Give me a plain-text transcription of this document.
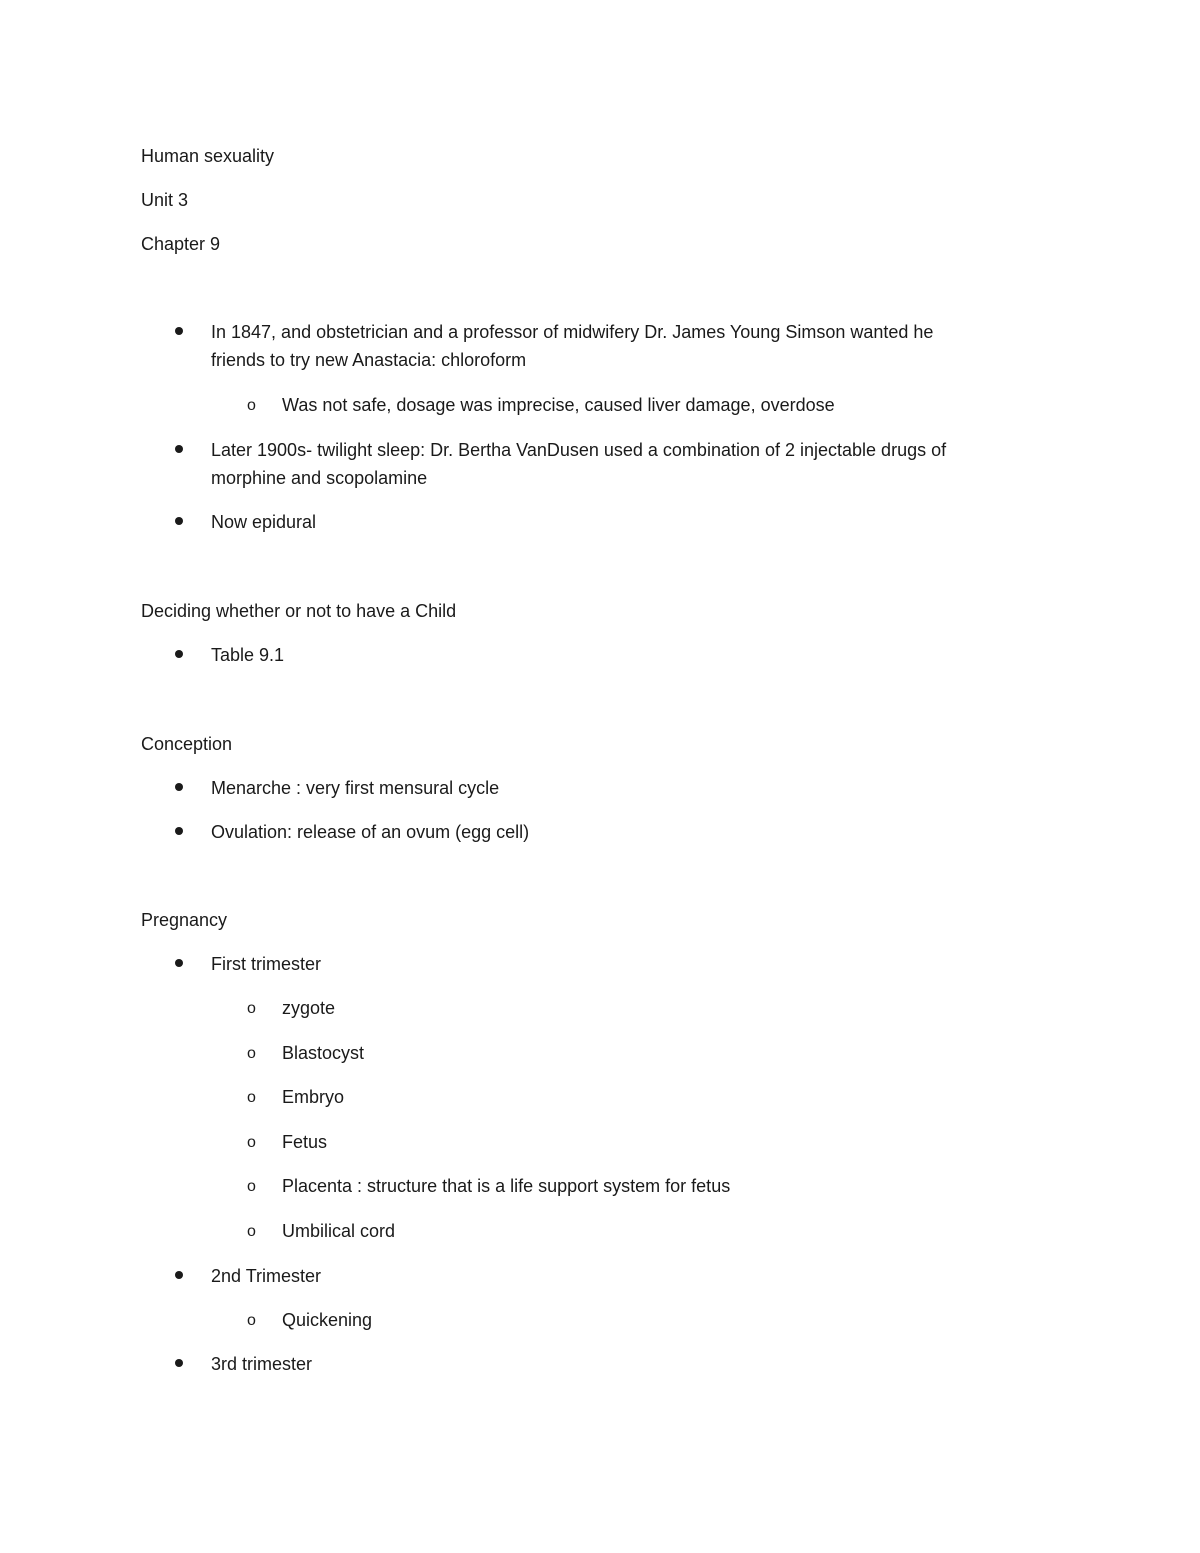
Human sexuality
Unit 3
Chapter 9
In 1847, and obstetrician and a professor of midwifery Dr. James Young Simson wanted he
friends to try new Anastacia: chloroform
o Was not safe, dosage was imprecise, caused liver damage, overdose
Later 1900s- twilight sleep: Dr. Bertha VanDusen used a combination of 2 injectable drugs of
morphine and scopolamine
Now epidural
Deciding whether or not to have a Child
Table 9.1
Conception
Menarche : very first mensural cycle
Ovulation: release of an ovum (egg cell)
Pregnancy
First trimester
o zygote
o Blastocyst
o Embryo
o Fetus
o Placenta : structure that is a life support system for fetus
o Umbilical cord
2nd Trimester
o Quickening
3rd trimester
